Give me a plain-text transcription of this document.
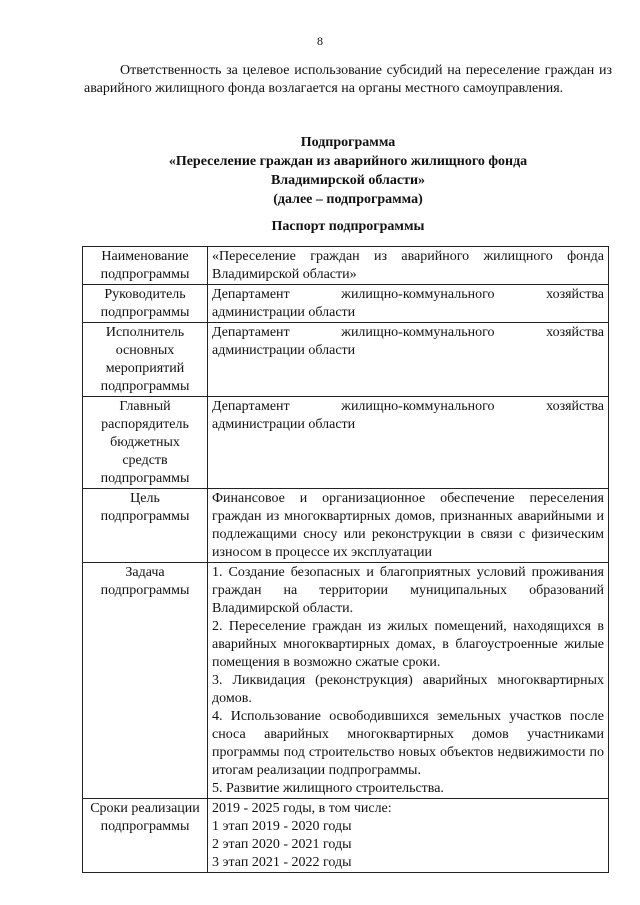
8
Ответственность за целевое использование субсидий на переселение граждан из аварийного жилищного фонда возлагается на органы местного самоуправления.
Подпрограмма
«Переселение граждан из аварийного жилищного фонда
Владимирской области»
(далее – подпрограмма)
Паспорт подпрограммы
Наименование подпрограммы	«Переселение граждан из аварийного жилищного фонда Владимирской области»
Руководитель подпрограммы	Департамент жилищно-коммунального хозяйства администрации области
Исполнитель основных мероприятий подпрограммы	Департамент жилищно-коммунального хозяйства администрации области
Главный распорядитель бюджетных средств подпрограммы	Департамент жилищно-коммунального хозяйства администрации области
Цель подпрограммы	Финансовое и организационное обеспечение переселения граждан из многоквартирных домов, признанных аварийными и подлежащими сносу или реконструкции в связи с физическим износом в процессе их эксплуатации
Задача подпрограммы	1. Создание безопасных и благоприятных условий проживания граждан на территории муниципальных образований Владимирской области.

2. Переселение граждан из жилых помещений, находящихся в аварийных многоквартирных домах, в благоустроенные жилые помещения в возможно сжатые сроки.

3. Ликвидация (реконструкция) аварийных многоквартирных домов.

4. Использование освободившихся земельных участков после сноса аварийных многоквартирных домов участниками программы под строительство новых объектов недвижимости по итогам реализации подпрограммы.

5. Развитие жилищного строительства.

Сроки реализации подпрограммы	2019 - 2025 годы, в том числе:
1 этап 2019 - 2020 годы
2 этап 2020 - 2021 годы
3 этап 2021 - 2022 годы
